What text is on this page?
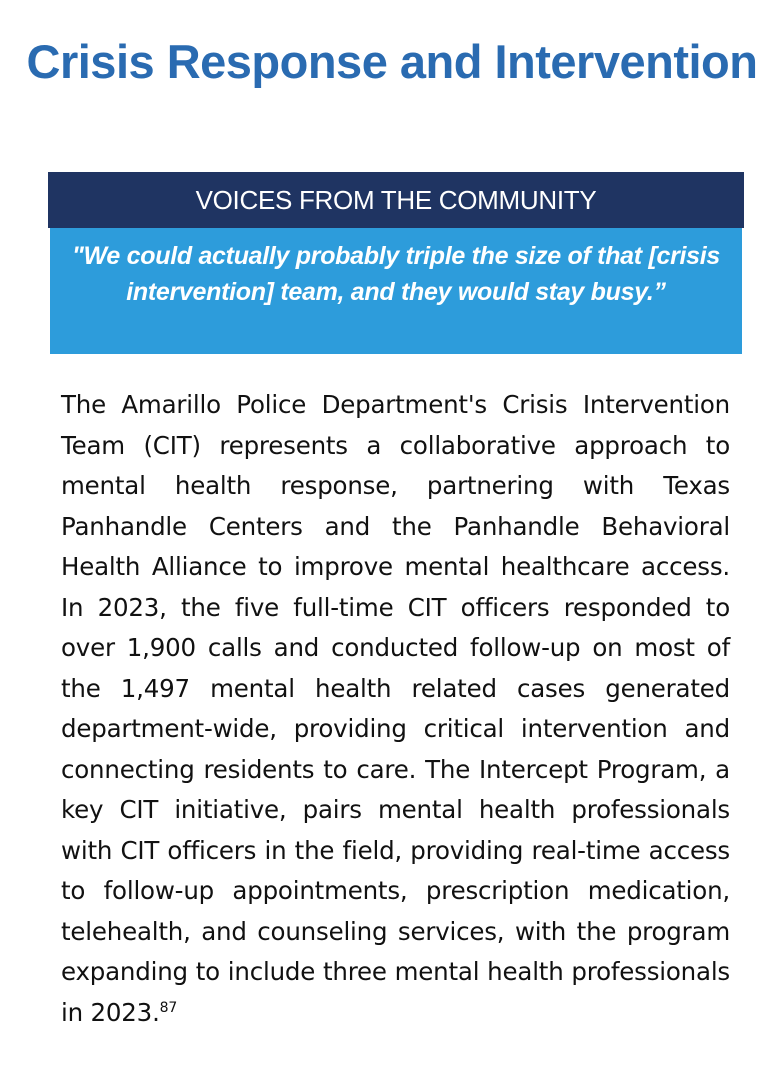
Crisis Response and Intervention
VOICES FROM THE COMMUNITY
"We could actually probably triple the size of that [crisis intervention] team, and they would stay busy.”

The Amarillo Police Department's Crisis Intervention Team (CIT) represents a collaborative approach to mental health response, partnering with Texas Panhandle Centers and the Panhandle Behavioral Health Alliance to improve mental healthcare access. In 2023, the five full-time CIT officers responded to over 1,900 calls and conducted follow-up on most of the 1,497 mental health related cases generated department-wide, providing critical intervention and connecting residents to care. The Intercept Program, a key CIT initiative, pairs mental health professionals with CIT officers in the field, providing real-time access to follow-up appointments, prescription medication, telehealth, and counseling services, with the program expanding to include three mental health professionals in 2023.87
